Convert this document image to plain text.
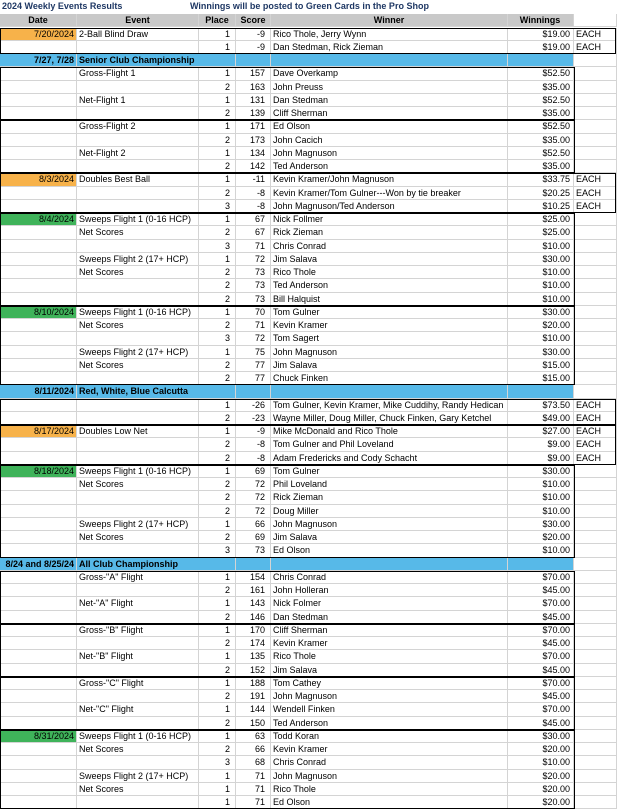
2024 Weekly Events Results	Winnings will be posted to Green Cards in the Pro Shop
Date	Event	Place	Score	Winner	Winnings
7/20/2024 2-Ball Blind Draw	1	-9 Rico Thole, Jerry Wynn	$19.00 EACH
1	-9 Dan Stedman, Rick Zieman	$19.00 EACH
7/27, 7/28 Senior Club Championship
Gross-Flight 1	1	157 Dave Overkamp	$52.50
2	163 John Preuss	$35.00
Net-Flight 1	1	131 Dan Stedman	$52.50
2	139 Cliff Sherman	$35.00
Gross-Flight 2	1	171 Ed Olson	$52.50
2	173 John Cacich	$35.00
Net-Flight 2	1	134 John Magnuson	$52.50
2	142 Ted Anderson	$35.00
8/3/2024 Doubles Best Ball	1	-11 Kevin Kramer/John Magnuson	$33.75 EACH
2	-8 Kevin Kramer/Tom Gulner---Won by tie breaker	$20.25 EACH
3	-8 John Magnuson/Ted Anderson	$10.25 EACH
8/4/2024 Sweeps Flight 1 (0-16 HCP)	1	67 Nick Follmer	$25.00
Net Scores	2	67 Rick Zieman	$25.00
3	71 Chris Conrad	$10.00
Sweeps Flight 2 (17+ HCP)	1	72 Jim Salava	$30.00
Net Scores	2	73 Rico Thole	$10.00
2	73 Ted Anderson	$10.00
2	73 Bill Halquist	$10.00
8/10/2024 Sweeps Flight 1 (0-16 HCP)	1	70 Tom Gulner	$30.00
Net Scores	2	71 Kevin Kramer	$20.00
3	72 Tom Sagert	$10.00
Sweeps Flight 2 (17+ HCP)	1	75 John Magnuson	$30.00
Net Scores	2	77 Jim Salava	$15.00
2	77 Chuck Finken	$15.00
8/11/2024 Red, White, Blue Calcutta
1	-26 Tom Gulner, Kevin Kramer, Mike Cuddihy, Randy Hedican	$73.50 EACH
2	-23 Wayne Miller, Doug Miller, Chuck Finken, Gary Ketchel	$49.00 EACH
8/17/2024 Doubles Low Net	1	-9 Mike McDonald and Rico Thole	$27.00 EACH
2	-8 Tom Gulner and Phil Loveland	$9.00 EACH
2	-8 Adam Fredericks and Cody Schacht	$9.00 EACH
8/18/2024 Sweeps Flight 1 (0-16 HCP)	1	69 Tom Gulner	$30.00
Net Scores	2	72 Phil Loveland	$10.00
2	72 Rick Zieman	$10.00
2	72 Doug Miller	$10.00
Sweeps Flight 2 (17+ HCP)	1	66 John Magnuson	$30.00
Net Scores	2	69 Jim Salava	$20.00
3	73 Ed Olson	$10.00
8/24 and 8/25/24 All Club Championship
Gross-"A" Flight	1	154 Chris Conrad	$70.00
2	161 John Holleran	$45.00
Net-"A" Flight	1	143 Nick Folmer	$70.00
2	146 Dan Stedman	$45.00
Gross-"B" Flight	1	170 Cliff Sherman	$70.00
2	174 Kevin Kramer	$45.00
Net-"B" Flight	1	135 Rico Thole	$70.00
2	152 Jim Salava	$45.00
Gross-"C" Flight	1	188 Tom Cathey	$70.00
2	191 John Magnuson	$45.00
Net-"C" Flight	1	144 Wendell Finken	$70.00
2	150 Ted Anderson	$45.00
8/31/2024 Sweeps Flight 1 (0-16 HCP)	1	63 Todd Koran	$30.00
Net Scores	2	66 Kevin Kramer	$20.00
3	68 Chris Conrad	$10.00
Sweeps Flight 2 (17+ HCP)	1	71 John Magnuson	$20.00
Net Scores	1	71 Rico Thole	$20.00
1	71 Ed Olson	$20.00
